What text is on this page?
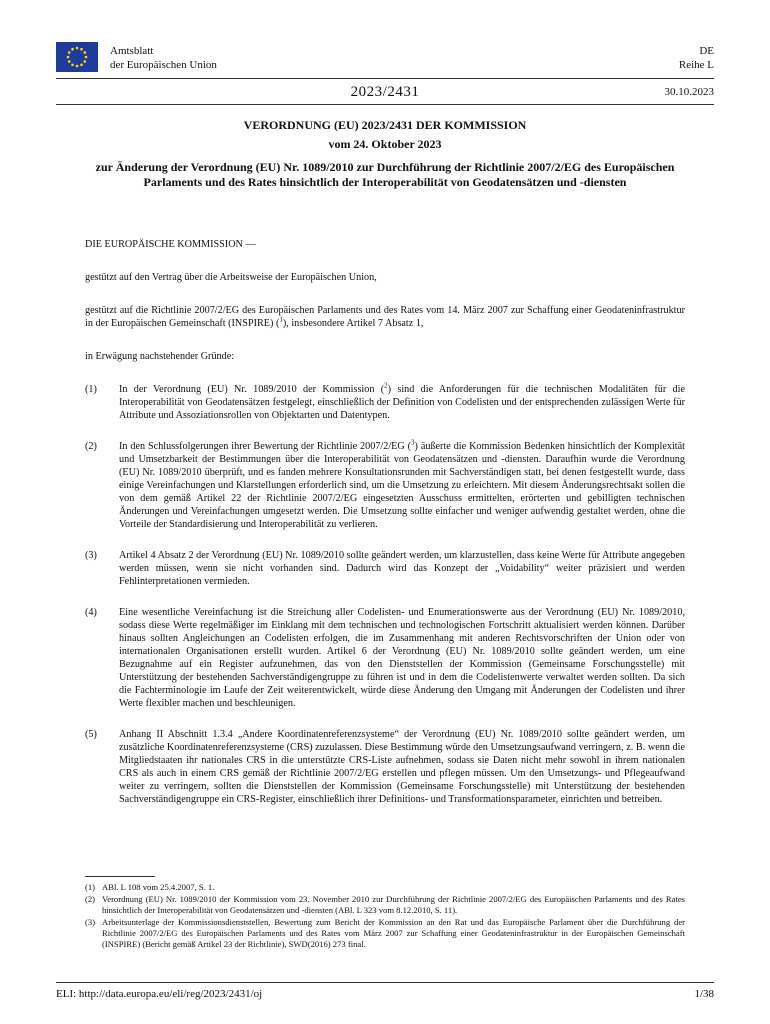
Amtsblatt
der Europäischen Union
DE
Reihe L
2023/2431	30.10.2023

VERORDNUNG (EU) 2023/2431 DER KOMMISSION

vom 24. Oktober 2023

zur Änderung der Verordnung (EU) Nr. 1089/2010 zur Durchführung der Richtlinie 2007/2/EG des Europäischen Parlaments und des Rates hinsichtlich der Interoperabilität von Geodatensätzen und -diensten

DIE EUROPÄISCHE KOMMISSION —

gestützt auf den Vertrag über die Arbeitsweise der Europäischen Union,

gestützt auf die Richtlinie 2007/2/EG des Europäischen Parlaments und des Rates vom 14. März 2007 zur Schaffung einer Geodateninfrastruktur in der Europäischen Gemeinschaft (INSPIRE) ($^1$), insbesondere Artikel 7 Absatz 1,

in Erwägung nachstehender Gründe:

(1)	In der Verordnung (EU) Nr. 1089/2010 der Kommission ($^2$) sind die Anforderungen für die technischen Modalitäten für die Interoperabilität von Geodatensätzen festgelegt, einschließlich der Definition von Codelisten und der entsprechenden zulässigen Werte für Attribute und Assoziationsrollen von Objektarten und Datentypen.
(2)	In den Schlussfolgerungen ihrer Bewertung der Richtlinie 2007/2/EG ($^3$) äußerte die Kommission Bedenken hinsichtlich der Komplexität und Umsetzbarkeit der Bestimmungen über die Interoperabilität von Geodatensätzen und -diensten. Daraufhin wurde die Verordnung (EU) Nr. 1089/2010 überprüft, und es fanden mehrere Konsultationsrunden mit Sachverständigen statt, bei denen festgestellt wurde, dass einige Vereinfachungen und Klarstellungen erforderlich sind, um die Umsetzung zu erleichtern. Mit diesem Änderungsrechtsakt sollen die von dem gemäß Artikel 22 der Richtlinie 2007/2/EG eingesetzten Ausschuss ermittelten, erörterten und gebilligten technischen Änderungen und Vereinfachungen umgesetzt werden. Die Umsetzung sollte einfacher und weniger aufwendig gestaltet werden, ohne die Vorteile der Standardisierung und Interoperabilität zu verlieren.
(3)	Artikel 4 Absatz 2 der Verordnung (EU) Nr. 1089/2010 sollte geändert werden, um klarzustellen, dass keine Werte für Attribute angegeben werden müssen, wenn sie nicht vorhanden sind. Dadurch wird das Konzept der „Voidability“ weiter präzisiert und werden Fehlinterpretationen vermieden.
(4)	Eine wesentliche Vereinfachung ist die Streichung aller Codelisten- und Enumerationswerte aus der Verordnung (EU) Nr. 1089/2010, sodass diese Werte regelmäßiger im Einklang mit dem technischen und technologischen Fortschritt aktualisiert werden können. Darüber hinaus sollten Angleichungen an Codelisten erfolgen, die im Zusammenhang mit anderen Rechtsvorschriften der Union oder von internationalen Organisationen erstellt wurden. Artikel 6 der Verordnung (EU) Nr. 1089/2010 sollte geändert werden, um eine Bezugnahme auf ein Register aufzunehmen, das von den Dienststellen der Kommission (Gemeinsame Forschungsstelle) mit Unterstützung der bestehenden Sachverständigengruppe zu führen ist und in dem die Codelistenwerte verwaltet werden sollten. Da sich die Fachterminologie im Laufe der Zeit weiterentwickelt, würde diese Änderung den Umgang mit Änderungen der Codelisten und ihrer Werte flexibler machen und beschleunigen.
(5)	Anhang II Abschnitt 1.3.4 „Andere Koordinatenreferenzsysteme“ der Verordnung (EU) Nr. 1089/2010 sollte geändert werden, um zusätzliche Koordinatenreferenzsysteme (CRS) zuzulassen. Diese Bestimmung würde den Umsetzungsaufwand verringern, z. B. wenn die Mitgliedstaaten ihr nationales CRS in die unterstützte CRS-Liste aufnehmen, sodass sie Daten nicht mehr sowohl in ihrem nationalen CRS als auch in einem CRS gemäß der Richtlinie 2007/2/EG erstellen und pflegen müssen. Um den Umsetzungs- und Pflegeaufwand weiter zu verringern, sollten die Dienststellen der Kommission (Gemeinsame Forschungsstelle) mit Unterstützung der bestehenden Sachverständigengruppe ein CRS-Register, einschließlich ihrer Definitions- und Transformationsparameter, einrichten und betreiben.
(1) ABl. L 108 vom 25.4.2007, S. 1.
(2) Verordnung (EU) Nr. 1089/2010 der Kommission vom 23. November 2010 zur Durchführung der Richtlinie 2007/2/EG des Europäischen Parlaments und des Rates hinsichtlich der Interoperabilität von Geodatensätzen und -diensten (ABl. L 323 vom 8.12.2010, S. 11).
(3) Arbeitsunterlage der Kommissionsdienststellen, Bewertung zum Bericht der Kommission an den Rat und das Europäische Parlament über die Durchführung der Richtlinie 2007/2/EG des Europäischen Parlaments und des Rates vom März 2007 zur Schaffung einer Geodateninfrastruktur in der Europäischen Gemeinschaft (INSPIRE) (Bericht gemäß Artikel 23 der Richtlinie), SWD(2016) 273 final.
ELI: http://data.europa.eu/eli/reg/2023/2431/oj	1/38
